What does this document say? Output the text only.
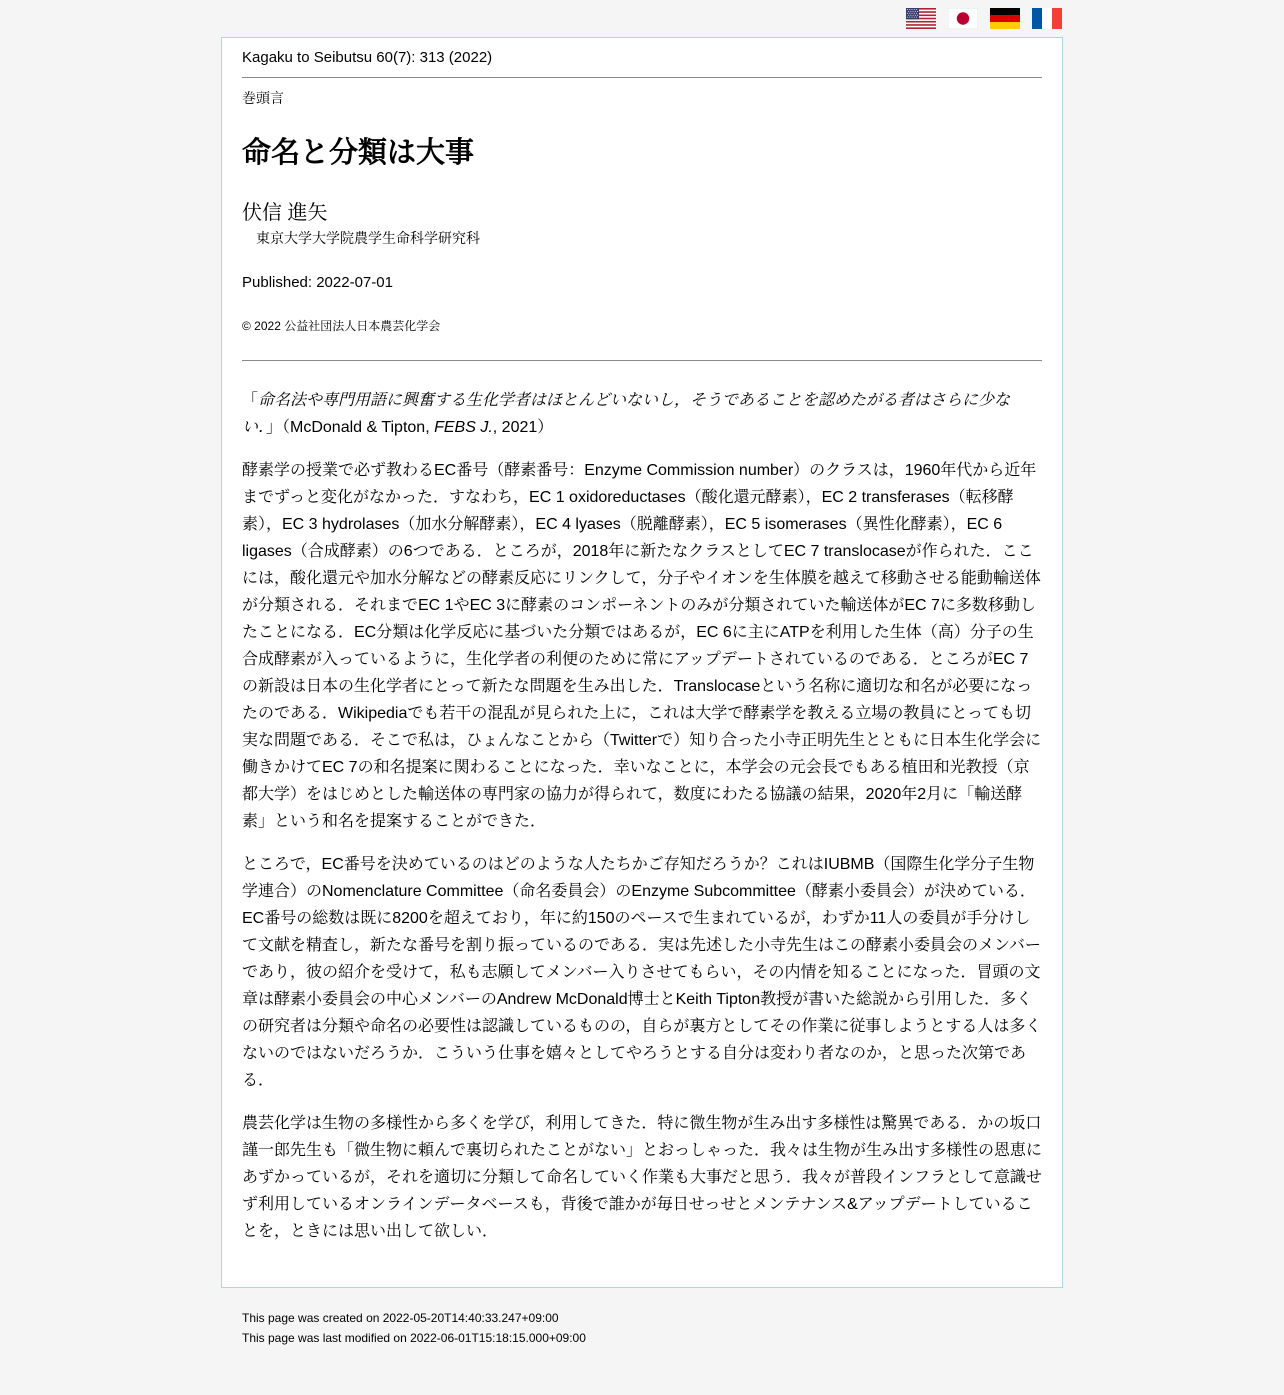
Kagaku to Seibutsu 60(7): 313 (2022)
巻頭言
命名と分類は大事
伏信 進矢
東京大学大学院農学生命科学研究科
Published: 2022-07-01
© 2022 公益社団法人日本農芸化学会

「命名法や専門用語に興奮する生化学者はほとんどいないし，そうであることを認めたがる者はさらに少ない．」（McDonald & Tipton, FEBS J., 2021）

酵素学の授業で必ず教わるEC番号（酵素番号：Enzyme Commission number）のクラスは，1960年代から近年までずっと変化がなかった．すなわち，EC 1 oxidoreductases（酸化還元酵素），EC 2 transferases（転移酵素），EC 3 hydrolases（加水分解酵素），EC 4 lyases（脱離酵素），EC 5 isomerases（異性化酵素），EC 6 ligases（合成酵素）の6つである．ところが，2018年に新たなクラスとしてEC 7 translocaseが作られた．ここには，酸化還元や加水分解などの酵素反応にリンクして，分子やイオンを生体膜を越えて移動させる能動輸送体が分類される．それまでEC 1やEC 3に酵素のコンポーネントのみが分類されていた輸送体がEC 7に多数移動したことになる．EC分類は化学反応に基づいた分類ではあるが，EC 6に主にATPを利用した生体（高）分子の生合成酵素が入っているように，生化学者の利便のために常にアップデートされているのである．ところがEC 7の新設は日本の生化学者にとって新たな問題を生み出した．Translocaseという名称に適切な和名が必要になったのである．Wikipediaでも若干の混乱が見られた上に，これは大学で酵素学を教える立場の教員にとっても切実な問題である．そこで私は，ひょんなことから（Twitterで）知り合った小寺正明先生とともに日本生化学会に働きかけてEC 7の和名提案に関わることになった．幸いなことに，本学会の元会長でもある植田和光教授（京都大学）をはじめとした輸送体の専門家の協力が得られて，数度にわたる協議の結果，2020年2月に「輸送酵素」という和名を提案することができた．

ところで，EC番号を決めているのはどのような人たちかご存知だろうか？これはIUBMB（国際生化学分子生物学連合）のNomenclature Committee（命名委員会）のEnzyme Subcommittee（酵素小委員会）が決めている．EC番号の総数は既に8200を超えており，年に約150のペースで生まれているが，わずか11人の委員が手分けして文献を精査し，新たな番号を割り振っているのである．実は先述した小寺先生はこの酵素小委員会のメンバーであり，彼の紹介を受けて，私も志願してメンバー入りさせてもらい，その内情を知ることになった．冒頭の文章は酵素小委員会の中心メンバーのAndrew McDonald博士とKeith Tipton教授が書いた総説から引用した．多くの研究者は分類や命名の必要性は認識しているものの，自らが裏方としてその作業に従事しようとする人は多くないのではないだろうか．こういう仕事を嬉々としてやろうとする自分は変わり者なのか，と思った次第である．

農芸化学は生物の多様性から多くを学び，利用してきた．特に微生物が生み出す多様性は驚異である．かの坂口謹一郎先生も「微生物に頼んで裏切られたことがない」とおっしゃった．我々は生物が生み出す多様性の恩恵にあずかっているが，それを適切に分類して命名していく作業も大事だと思う．我々が普段インフラとして意識せず利用しているオンラインデータベースも，背後で誰かが毎日せっせとメンテナンス&アップデートしていることを，ときには思い出して欲しい．

This page was created on 2022-05-20T14:40:33.247+09:00
This page was last modified on 2022-06-01T15:18:15.000+09:00
